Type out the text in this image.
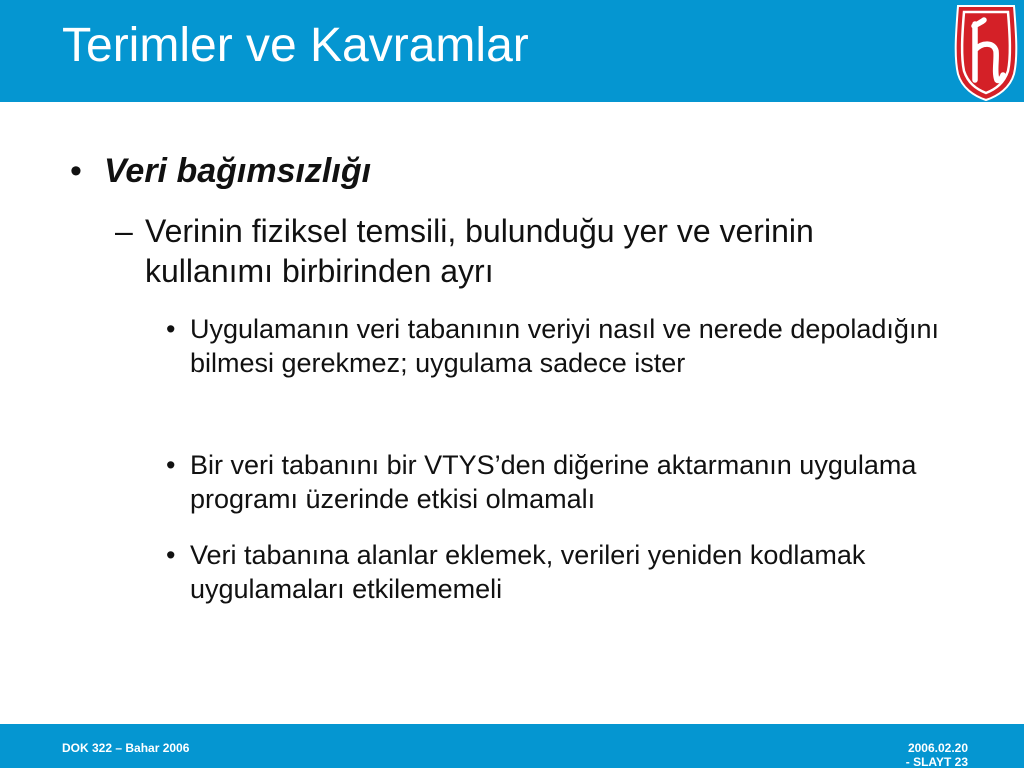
Terimler ve Kavramlar
• Veri bağımsızlığı
– Verinin fiziksel temsili, bulunduğu yer ve verinin kullanımı birbirinden ayrı
• Uygulamanın veri tabanının veriyi nasıl ve nerede depoladığını bilmesi gerekmez; uygulama sadece ister
• Bir veri tabanını bir VTYS’den diğerine aktarmanın uygulama programı üzerinde etkisi olmamalı
• Veri tabanına alanlar eklemek, verileri yeniden kodlamak uygulamaları etkilememeli
DOK 322 – Bahar 2006	2006.02.20
- SLAYT 23
